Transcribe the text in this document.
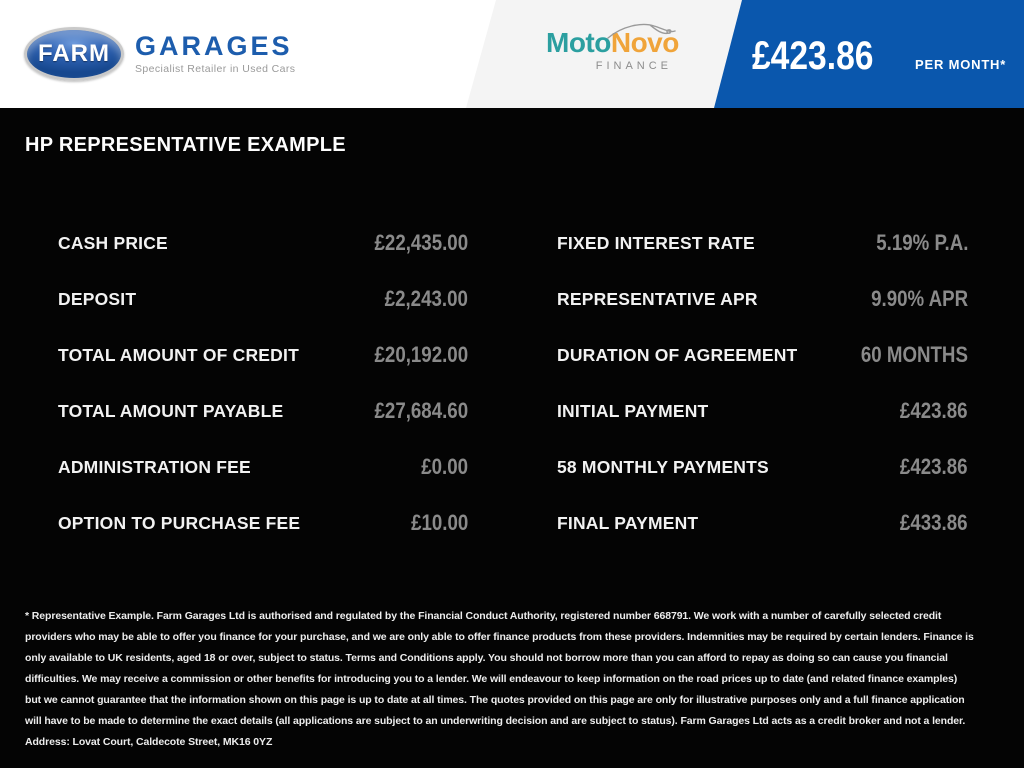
FARM GARAGES
Specialist Retailer in Used Cars
MotoNovo
FINANCE £423.86	PER MONTH*
HP REPRESENTATIVE EXAMPLE
CASH PRICE	£22,435.00
DEPOSIT	£2,243.00
TOTAL AMOUNT OF CREDIT	£20,192.00
TOTAL AMOUNT PAYABLE	£27,684.60
ADMINISTRATION FEE	£0.00
OPTION TO PURCHASE FEE	£10.00
FIXED INTEREST RATE	5.19% P.A.
REPRESENTATIVE APR	9.90% APR
DURATION OF AGREEMENT	60 MONTHS
INITIAL PAYMENT	£423.86
58 MONTHLY PAYMENTS	£423.86
FINAL PAYMENT	£433.86
* Representative Example. Farm Garages Ltd is authorised and regulated by the Financial Conduct Authority, registered number 668791. We work with a number of carefully selected credit providers who may be able to offer you finance for your purchase, and we are only able to offer finance products from these providers. Indemnities may be required by certain lenders. Finance is only available to UK residents, aged 18 or over, subject to status. Terms and Conditions apply. You should not borrow more than you can afford to repay as doing so can cause you financial difficulties. We may receive a commission or other benefits for introducing you to a lender. We will endeavour to keep information on the road prices up to date (and related finance examples) but we cannot guarantee that the information shown on this page is up to date at all times. The quotes provided on this page are only for illustrative purposes only and a full finance application will have to be made to determine the exact details (all applications are subject to an underwriting decision and are subject to status). Farm Garages Ltd acts as a credit broker and not a lender. Address: Lovat Court, Caldecote Street, MK16 0YZ
